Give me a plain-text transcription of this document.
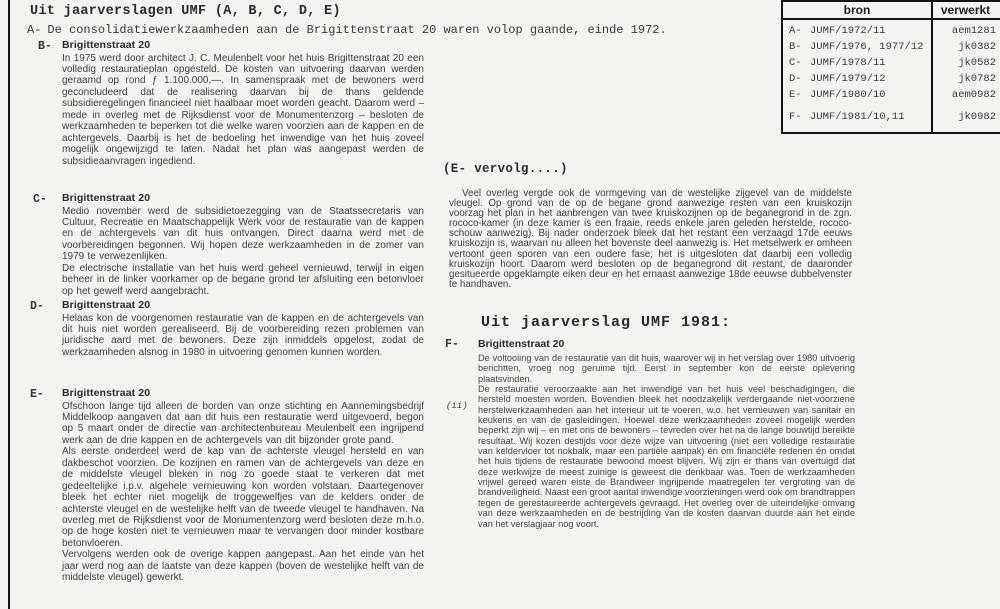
Uit jaarverslagen UMF (A, B, C, D, E)
A- De consolidatiewerkzaamheden aan de Brigittenstraat 20 waren volop gaande, einde 1972.
bron	verwerkt
A- JUMF/1972/11	aem1281
B- JUMF/1976, 1977/12	jk0382
C- JUMF/1978/11	jk0582
D- JUMF/1979/12	jk0782
E- JUMF/1980/10	aem0982
F- JUMF/1981/10,11	jk0982
B- Brigittenstraat 20

In 1975 werd door architect J. C. Meulenbelt voor het huis Brigittenstraat 20 een volledig restauratieplan opgesteld. De kosten van uitvoering daarvan werden geraamd op rond ƒ 1.100.000,—. In samenspraak met de bewoners werd geconcludeerd dat de realisering daarvan bij de thans geldende subsidieregelingen financieel niet haalbaar moet worden geacht. Daarom werd – mede in overleg met de Rijksdienst voor de Monumentenzorg – besloten de werkzaamheden te beperken tot die welke waren voorzien aan de kappen en de achtergevels. Daarbij is het de bedoeling het inwendige van het huis zoveel mogelijk ongewijzigd te laten. Nadat het plan was aangepast werden de subsidieaanvragen ingediend.

C- Brigittenstraat 20

Medio november werd de subsidietoezegging van de Staatssecretaris van Cultuur, Recreatie en Maatschappelijk Werk voor de restauratie van de kappen en de achtergevels van dit huis ontvangen. Direct daarna werd met de voorbereidingen begonnen. Wij hopen deze werkzaamheden in de zomer van 1979 te verwezenlijken.

De electrische installatie van het huis werd geheel vernieuwd, terwijl in eigen beheer in de linker voorkamer op de begane grond ter afsluiting een betonvloer op het gewelf werd aangebracht.

D- Brigittenstraat 20

Helaas kon de voorgenomen restauratie van de kappen en de achtergevels van dit huis niet worden gerealiseerd. Bij de voorbereiding rezen problemen van juridische aard met de bewoners. Deze zijn inmiddels opgelost, zodat de werkzaamheden alsnog in 1980 in uitvoering genomen kunnen worden.

E- Brigittenstraat 20

Ofschoon lange tijd alleen de borden van onze stichting en Aannemingsbedrijf Middelkoop aangaven dat aan dit huis een restauratie werd uitgevoerd, begon op 5 maart onder de directie van architectenbureau Meulenbelt een ingrijpend werk aan de drie kappen en de achtergevels van dit bijzonder grote pand.

Als eerste onderdeel werd de kap van de achterste vleugel hersteld en van dakbeschot voorzien. De kozijnen en ramen van de achtergevels van deze en de middelste vleugel bleken in nog zo goede staat te verkeren dat met gedeeltelijke i.p.v. algehele vernieuwing kon worden volstaan. Daartegenover bleek het echter niet mogelijk de troggewelfjes van de kelders onder de achterste vleugel en de westelijke helft van de tweede vleugel te handhaven. Na overleg met de Rijksdienst voor de Monumentenzorg werd besloten deze m.h.o. op de hoge kosten niet te vernieuwen maar te vervangen door minder kostbare betonvloeren.

Vervolgens werden ook de overige kappen aangepast. Aan het einde van het jaar werd nog aan de laatste van deze kappen (boven de westelijke helft van de middelste vleugel) gewerkt.

(E- vervolg....)
Veel overleg vergde ook de vormgeving van de westelijke zijgevel van de middelste vleugel. Op grond van de op de begane grond aanwezige resten van een kruiskozijn voorzag het plan in het aanbrengen van twee kruiskozijnen op de beganegrond in de zgn. rococo-kamer (in deze kamer is een fraaie, reeds enkele jaren geleden herstelde, rococo-schouw aanwezig). Bij nader onderzoek bleek dat het restant een verzaagd 17de eeuws kruiskozijn is, waarvan nu alleen het bovenste deel aanwezig is. Het metselwerk er omheen vertoont geen sporen van een oudere fase; het is uitgesloten dat daarbij een volledig kruiskozijn hoort. Daarom werd besloten op de beganegrond dit restant, de daaronder gesitueerde opgeklampte eiken deur en het ernaast aanwezige 18de eeuwse dubbelvenster te handhaven.
Uit jaarverslag UMF 1981:
F- Brigittenstraat 20

De voltooiing van de restauratie van dit huis, waarover wij in het verslag over 1980 uitvoerig berichtten, vroeg nog geruime tijd. Eerst in september kon de eerste oplevering plaatsvinden.

De restauratie veroorzaakte aan het inwendige van het huis veel beschadigingen, die hersteld moesten worden. Bovendien bleek het noodzakelijk verdergaande niet-voorziene herstelwerkzaamheden aan het interieur uit te voeren, w.o. het vernieuwen van sanitair en keukens en van de gasleidingen. Hoewel deze werkzaamheden zoveel mogelijk werden beperkt zijn wij – en met ons de bewoners – tevreden over het na de lange bouwtijd bereikte resultaat. Wij kozen destijds voor deze wijze van uitvoering (niet een volledige restauratie van keldervloer tot nokbalk, maar een partiële aanpak) én om financiële redenen én omdat het huis tijdens de restauratie bewoond moest blijven. Wij zijn er thans van overtuigd dat deze werkwijze de meest zuinige is geweest die denkbaar was. Toen de werkzaamheden vrijwel gereed waren eiste de Brandweer ingrijpende maatregelen ter vergroting van de brandveiligheid. Naast een groot aantal inwendige voorzieningen werd ook om brandtrappen tegen de gerestaureerde achtergevels gevraagd. Het overleg over de uiteindelijke omvang van deze werkzaamheden en de bestrijding van de kosten daarvan duurde aan het einde van het verslagjaar nog voort.

(ii)
